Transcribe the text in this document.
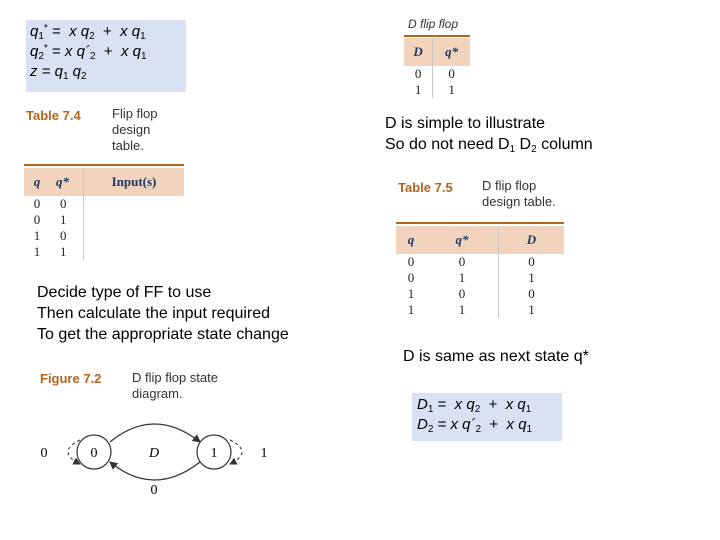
$q_1^* = x$ $q_2 + x$ $q_1$
$q_2^* = x$ $q´_2 + x$ $q_1$
$z = q_1$ $q_2$
D flip flop
D	q*
0	0
1	1
Table 7.4 Flip flop
design
table.
q	q*	Input(s)
0	0	
0	1	
1	0	
1	1	
D is simple to illustrate
So do not need $D_1$ $D_2$ column
Table 7.5 D flip flop
design table.
q	q*	D
0	0	0
0	1	1
1	0	0
1	1	1
Decide type of FF to use
Then calculate the input required
To get the appropriate state change
D is same as next state q*
Figure 7.2 D flip flop state
diagram.
0	1
D
0	1
0
$D_1 = x$ $q_2 + x$ $q_1$
$D_2 = x$ $q´_2 + x$ $q_1$
